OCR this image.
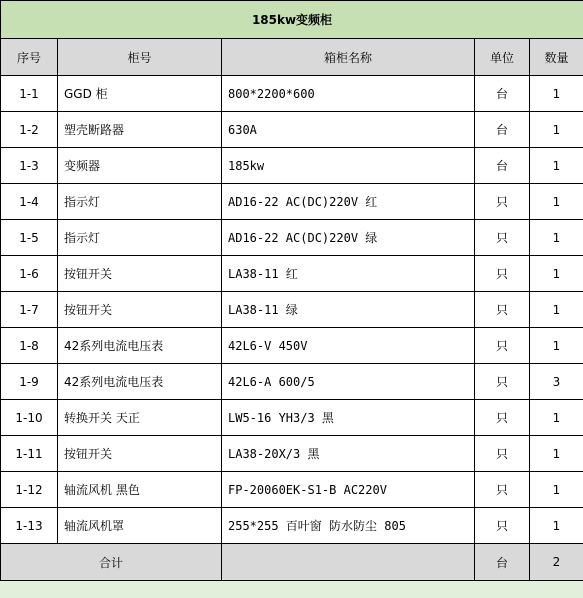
185kw变频柜				
序号	柜号	箱柜名称	单位	数量
1-1	GGD 柜	800*2200*600	台	1
1-2	塑壳断路器	630A	台	1
1-3	变频器	185kw	台	1
1-4	指示灯	AD16-22 AC(DC)220V 红	只	1
1-5	指示灯	AD16-22 AC(DC)220V 绿	只	1
1-6	按钮开关	LA38-11 红	只	1
1-7	按钮开关	LA38-11 绿	只	1
1-8	42系列电流电压表	42L6-V 450V	只	1
1-9	42系列电流电压表	42L6-A 600/5	只	3
1-10	转换开关 天正	LW5-16 YH3/3 黑	只	1
1-11	按钮开关	LA38-20X/3 黑	只	1
1-12	轴流风机 黑色	FP-20060EK-S1-B AC220V	只	1
1-13	轴流风机罩	255*255 百叶窗 防水防尘 805	只	1
合计			台	2
